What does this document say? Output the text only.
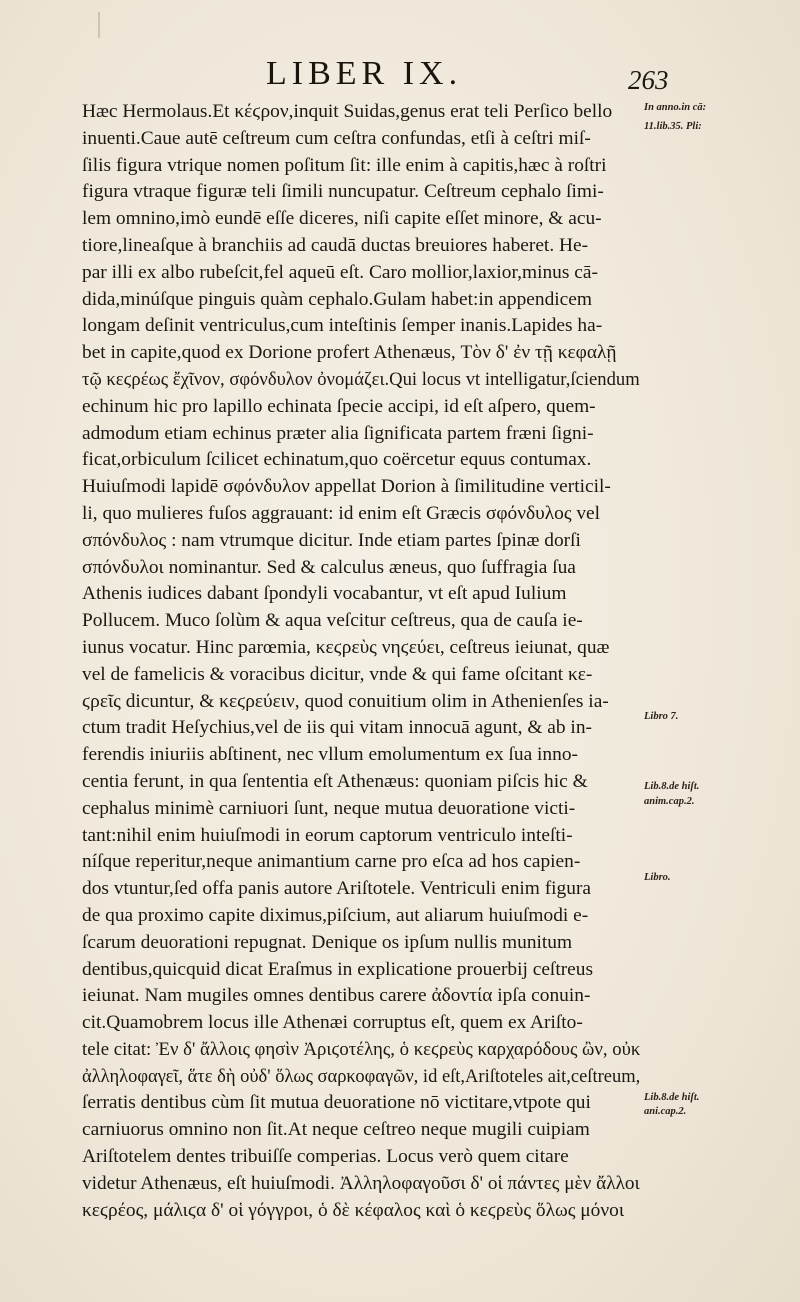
LIBER IX.	263
Hæc Hermolaus.Et κέϛρον,inquit Suidas,genus erat teli Perſico bello
inuenti.Caue autē ceſtreum cum ceſtra confundas, etſi à ceſtri miſ-
ſilis figura vtrique nomen poſitum ſit: ille enim à capitis,hæc à roſtri
figura vtraque figuræ teli ſimili nuncupatur. Ceſtreum cephalo ſimi-
lem omnino,imò eundē eſſe diceres, niſi capite eſſet minore, & acu-
tiore,lineaſque à branchiis ad caudā ductas breuiores haberet. He-
par illi ex albo rubeſcit,fel aqueū eſt. Caro mollior,laxior,minus cā-
dida,minúſque pinguis quàm cephalo.Gulam habet:in appendicem
longam deſinit ventriculus,cum inteſtinis ſemper inanis.Lapides ha-
bet in capite,quod ex Dorione profert Athenæus, Τὸν δ' ἐν τῇ κεφαλῇ
τῷ κεϛρέως ἔχῖνον, σφόνδυλον ὀνομάζει.Qui locus vt intelligatur,ſciendum
echinum hic pro lapillo echinata ſpecie accipi, id eſt aſpero, quem-
admodum etiam echinus præter alia ſignificata partem fræni ſigni-
ficat,orbiculum ſcilicet echinatum,quo coërcetur equus contumax.
Huiuſmodi lapidē σφόνδυλον appellat Dorion à ſimilitudine verticil-
li, quo mulieres fuſos aggrauant: id enim eſt Græcis σφόνδυλος vel
σπόνδυλος : nam vtrumque dicitur. Inde etiam partes ſpinæ dorſi
σπόνδυλοι nominantur. Sed & calculus æneus, quo ſuffragia ſua
Athenis iudices dabant ſpondyli vocabantur, vt eſt apud Iulium
Pollucem. Muco ſolùm & aqua veſcitur ceſtreus, qua de cauſa ie-
iunus vocatur. Hinc parœmia, κεϛρεὺς νηϛεύει, ceſtreus ieiunat, quæ
vel de famelicis & voracibus dicitur, vnde & qui fame oſcitant κε-
ϛρεῖς dicuntur, & κεϛρεύειν, quod conuitium olim in Athenienſes ia-
ctum tradit Heſychius,vel de iis qui vitam innocuā agunt, & ab in-
ferendis iniuriis abſtinent, nec vllum emolumentum ex ſua inno-
centia ferunt, in qua ſententia eſt Athenæus: quoniam piſcis hic &
cephalus minimè carniuori ſunt, neque mutua deuoratione victi-
tant:nihil enim huiuſmodi in eorum captorum ventriculo inteſti-
níſque reperitur,neque animantium carne pro eſca ad hos capien-
dos vtuntur,ſed offa panis autore Ariſtotele. Ventriculi enim figura
de qua proximo capite diximus,piſcium, aut aliarum huiuſmodi e-
ſcarum deuorationi repugnat. Denique os ipſum nullis munitum
dentibus,quicquid dicat Eraſmus in explicatione prouerbij ceſtreus
ieiunat. Nam mugiles omnes dentibus carere ἀδοντία ipſa conuin-
cit.Quamobrem locus ille Athenæi corruptus eſt, quem ex Ariſto-
tele citat: Ἐν δ' ἄλλοις φησὶν Ἀριϛοτέλης, ὁ κεϛρεὺς καρχαρόδους ὢν, οὐκ
ἀλληλοφαγεῖ, ἅτε δὴ οὐδ' ὅλως σαρκοφαγῶν, id eſt,Ariſtoteles ait,ceſtreum,
ſerratis dentibus cùm ſit mutua deuoratione nō victitare,vtpote qui
carniuorus omnino non ſit.At neque ceſtreo neque mugili cuipiam
Ariſtotelem dentes tribuiſſe comperias. Locus verò quem citare
videtur Athenæus, eſt huiuſmodi. Ἀλληλοφαγοῦσι δ' οἱ πάντες μὲν ἄλλοι
κεϛρέος, μάλιϛα δ' οἱ γόγγροι, ὁ δὲ κέφαλος καὶ ὁ κεϛρεὺς ὅλως μόνοι
In anno.in cā:
11.lib.35. Pli:
Libro 7.
Lib.8.de hiſt.
anim.cap.2.
Libro.
Lib.8.de hiſt.
ani.cap.2.
